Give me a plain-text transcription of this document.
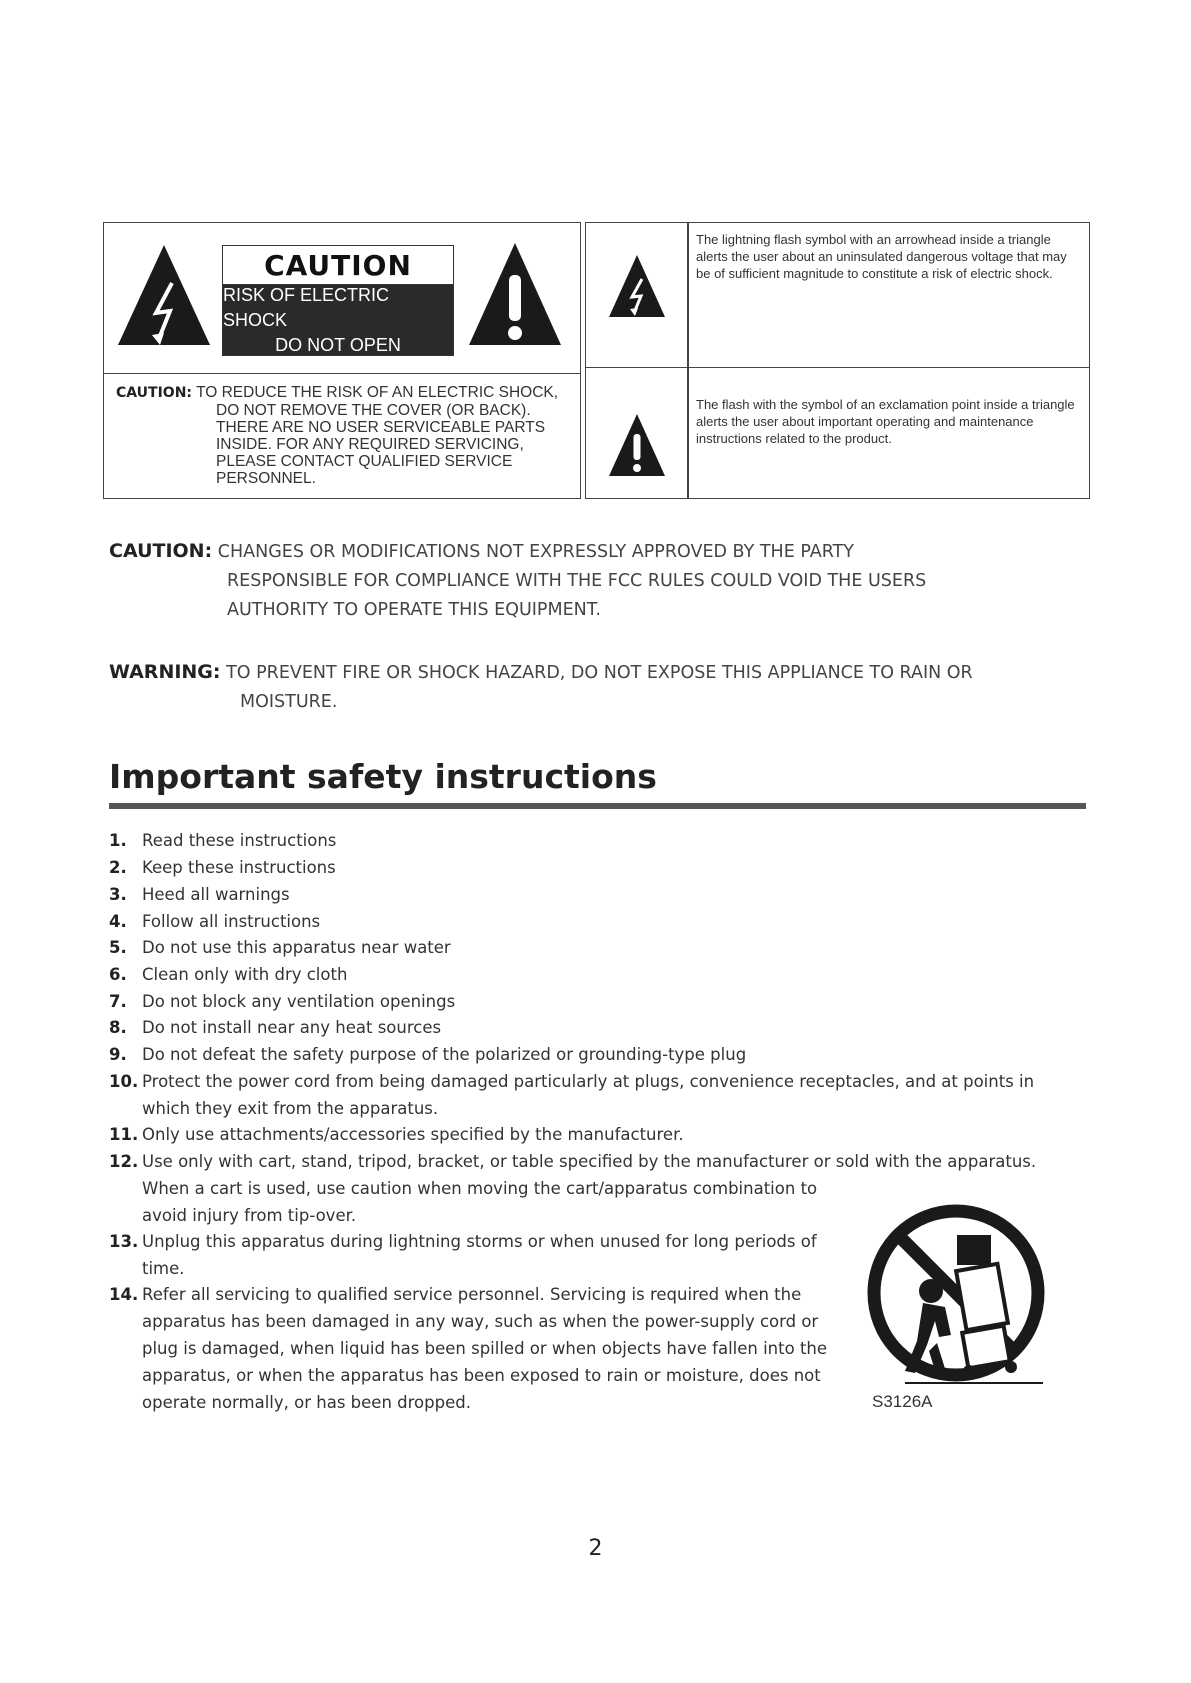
CAUTION
RISK OF ELECTRIC SHOCK
DO NOT OPEN
CAUTION: TO REDUCE THE RISK OF AN ELECTRIC SHOCK,
DO NOT REMOVE THE COVER (OR BACK).
THERE ARE NO USER SERVICEABLE PARTS
INSIDE. FOR ANY REQUIRED SERVICING,
PLEASE CONTACT QUALIFIED SERVICE
PERSONNEL.
The lightning flash symbol with an arrowhead inside a triangle alerts the user about an uninsulated dangerous voltage that may be of sufficient magnitude to constitute a risk of electric shock.
The flash with the symbol of an exclamation point inside a triangle alerts the user about important operating and maintenance instructions related to the product.
CAUTION: CHANGES OR MODIFICATIONS NOT EXPRESSLY APPROVED BY THE PARTY
RESPONSIBLE FOR COMPLIANCE WITH THE FCC RULES COULD VOID THE USERS
AUTHORITY TO OPERATE THIS EQUIPMENT.
WARNING: TO PREVENT FIRE OR SHOCK HAZARD, DO NOT EXPOSE THIS APPLIANCE TO RAIN OR
MOISTURE.
Important safety instructions
1. Read these instructions
2. Keep these instructions
3. Heed all warnings
4. Follow all instructions
5. Do not use this apparatus near water
6. Clean only with dry cloth
7. Do not block any ventilation openings
8. Do not install near any heat sources
9. Do not defeat the safety purpose of the polarized or grounding-type plug
10. Protect the power cord from being damaged particularly at plugs, convenience receptacles, and at points in
which they exit from the apparatus.
11. Only use attachments/accessories specified by the manufacturer.
12. Use only with cart, stand, tripod, bracket, or table specified by the manufacturer or sold with the apparatus.
When a cart is used, use caution when moving the cart/apparatus combination to
avoid injury from tip-over.
13. Unplug this apparatus during lightning storms or when unused for long periods of
time.
14. Refer all servicing to qualified service personnel. Servicing is required when the
apparatus has been damaged in any way, such as when the power-supply cord or
plug is damaged, when liquid has been spilled or when objects have fallen into the
apparatus, or when the apparatus has been exposed to rain or moisture, does not
operate normally, or has been dropped.	S3126A
2
